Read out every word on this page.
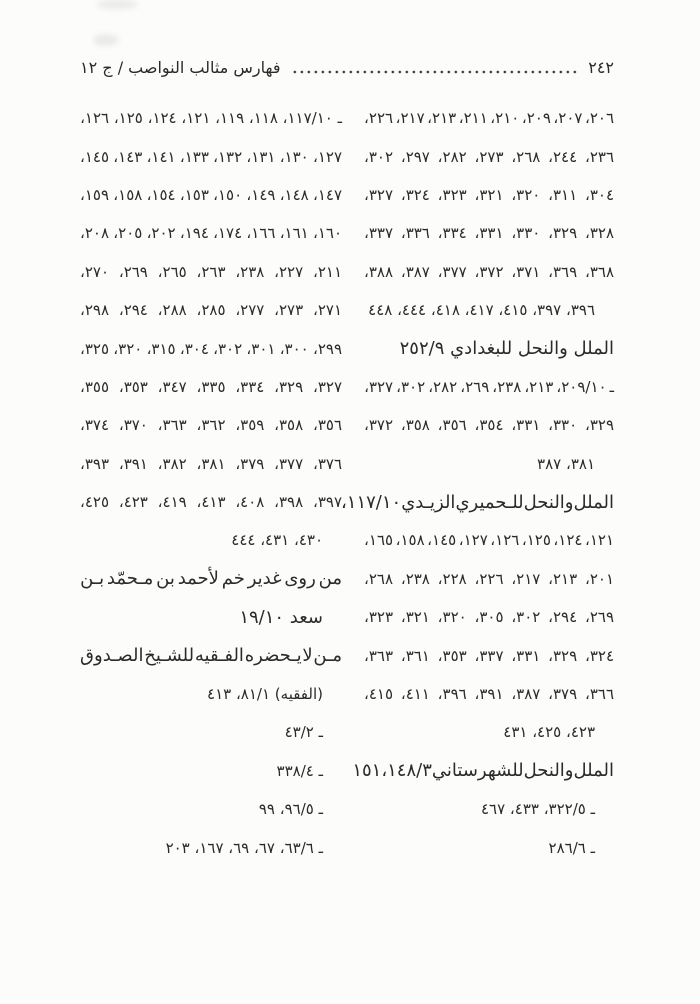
٢٤٢
فهارس مثالب النواصب / ج ١٢
٢٠٦،
٢٠٧،
٢٠٩،
٢١٠،
٢١١،
٢١٣،
٢١٧،
٢٢٦،
٢٣٦،
٢٤٤،
٢٦٨،
٢٧٣،
٢٨٢،
٢٩٧،
٣٠٢،
٣٠٤،
٣١١،
٣٢٠،
٣٢١،
٣٢٣،
٣٢٤،
٣٢٧،
٣٢٨،
٣٢٩،
٣٣٠،
٣٣١،
٣٣٤،
٣٣٦،
٣٣٧،
٣٦٨،
٣٦٩،
٣٧١،
٣٧٢،
٣٧٧،
٣٨٧،
٣٨٨،
٣٩٦، ٣٩٧، ٤١٥، ٤١٧، ٤١٨، ٤٤٤، ٤٤٨
الملل والنحل للبغدادي ٢٥٢/٩
ـ
٢٠٩/١٠،
٢١٣،
٢٣٨،
٢٦٩،
٢٨٢،
٣٠٢،
٣٢٧،
٣٢٩،
٣٣٠،
٣٣١،
٣٥٤،
٣٥٦،
٣٥٨،
٣٧٢،
٣٨١، ٣٨٧
الملل
والنحل
للـحميري
الزيـدي
١١٧/١٠،
١٢١،
١٢٤،
١٢٥،
١٢٦،
١٢٧،
١٤٥،
١٥٨،
١٦٥،
٢٠١،
٢١٣،
٢١٧،
٢٢٦،
٢٢٨،
٢٣٨،
٢٦٨،
٢٦٩،
٢٩٤،
٣٠٢،
٣٠٥،
٣٢٠،
٣٢١،
٣٢٣،
٣٢٤،
٣٢٩،
٣٣١،
٣٣٧،
٣٥٣،
٣٦١،
٣٦٣،
٣٦٦،
٣٧٩،
٣٨٧،
٣٩١،
٣٩٦،
٤١١،
٤١٥،
٤٢٣، ٤٢٥، ٤٣١
الملل
والنحل
للشهرستاني
١٤٨/٣،
١٥١
ـ ٣٢٢/٥، ٤٣٣، ٤٦٧
ـ ٢٨٦/٦
ـ
١١٧/١٠،
١١٨،
١١٩،
١٢١،
١٢٤،
١٢٥،
١٢٦،
١٢٧،
١٣٠،
١٣١،
١٣٢،
١٣٣،
١٤١،
١٤٣،
١٤٥،
١٤٧،
١٤٨،
١٤٩،
١٥٠،
١٥٣،
١٥٤،
١٥٨،
١٥٩،
١٦٠،
١٦١،
١٦٦،
١٧٤،
١٩٤،
٢٠٢،
٢٠٥،
٢٠٨،
٢١١،
٢٢٧،
٢٣٨،
٢٦٣،
٢٦٥،
٢٦٩،
٢٧٠،
٢٧١،
٢٧٣،
٢٧٧،
٢٨٥،
٢٨٨،
٢٩٤،
٢٩٨،
٢٩٩،
٣٠٠،
٣٠١،
٣٠٢،
٣٠٤،
٣١٥،
٣٢٠،
٣٢٥،
٣٢٧،
٣٢٩،
٣٣٤،
٣٣٥،
٣٤٧،
٣٥٣،
٣٥٥،
٣٥٦،
٣٥٨،
٣٥٩،
٣٦٢،
٣٦٣،
٣٧٠،
٣٧٤،
٣٧٦،
٣٧٧،
٣٧٩،
٣٨١،
٣٨٢،
٣٩١،
٣٩٣،
٣٩٧،
٣٩٨،
٤٠٨،
٤١٣،
٤١٩،
٤٢٣،
٤٢٥،
٤٣٠، ٤٣١، ٤٤٤
من
روى
غدير
خم
لأحمد
بن
مـحمّد
بـن
سعد ١٩/١٠
مـن
لا
يـحضره
الفـقيه
للشـيخ
الصـدوق
(الفقيه) ٨١/١، ٤١٣
ـ ٤٣/٢
ـ ٣٣٨/٤
ـ ٩٦/٥، ٩٩
ـ ٦٣/٦، ٦٧، ٦٩، ١٦٧، ٢٠٣
